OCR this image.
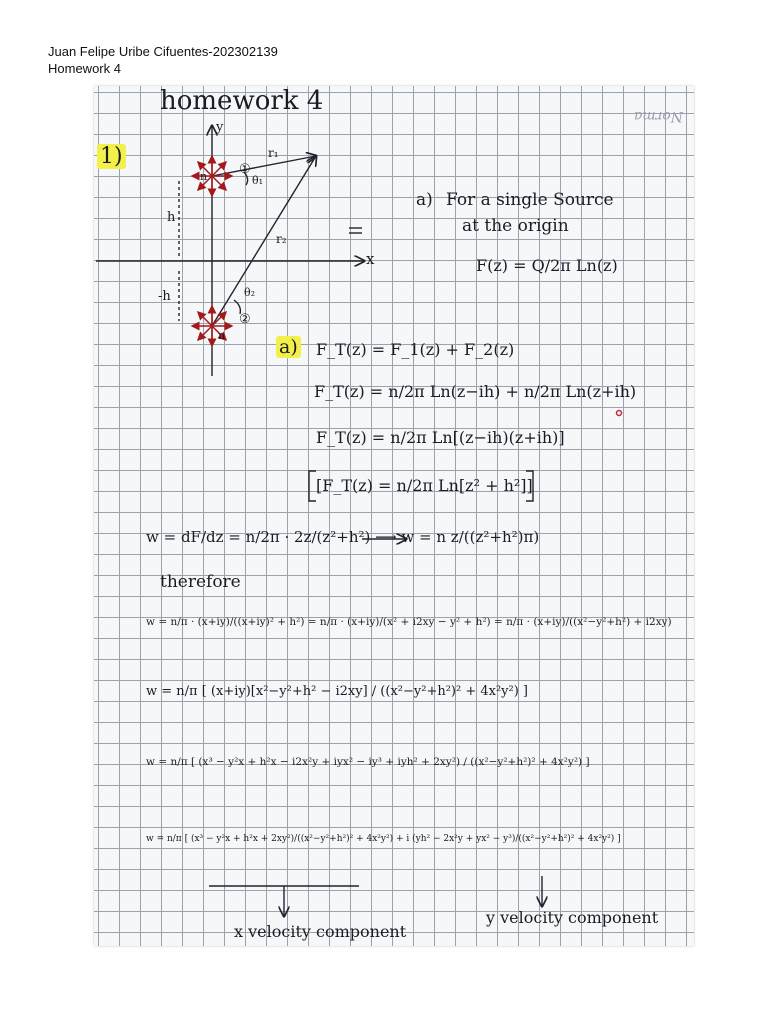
Juan Felipe Uribe Cifuentes-202302139
Homework 4
Norma
homework 4
1)
y
x
n
n
①
②
r₁
r₂
θ₁
θ₂
h
-h
a) For a single Source
at the origin
F(z) = Q/2π Ln(z)
a) F_T(z) = F_1(z) + F_2(z)
F_T(z) = n/2π Ln(z−ih) + n/2π Ln(z+ih)
F_T(z) = n/2π Ln[(z−ih)(z+ih)]
[F_T(z) = n/2π Ln[z² + h²]]
w = dF/dz = n/2π · 2z/(z²+h²) ⟶ w = n z/((z²+h²)π)
therefore
w = n/π · (x+iy)/((x+iy)² + h²) = n/π · (x+iy)/(x² + i2xy − y² + h²) = n/π · (x+iy)/((x²−y²+h²) + i2xy)
w = n/π [ (x+iy)[x²−y²+h² − i2xy] / ((x²−y²+h²)² + 4x²y²) ]
w = n/π [ (x³ − y²x + h²x − i2x²y + iyx² − iy³ + iyh² + 2xy²) / ((x²−y²+h²)² + 4x²y²) ]
w = n/π [ (x³ − y²x + h²x + 2xy²)/((x²−y²+h²)² + 4x²y²) + i (yh² − 2x²y + yx² − y³)/((x²−y²+h²)² + 4x²y²) ]
x velocity component
y velocity component
